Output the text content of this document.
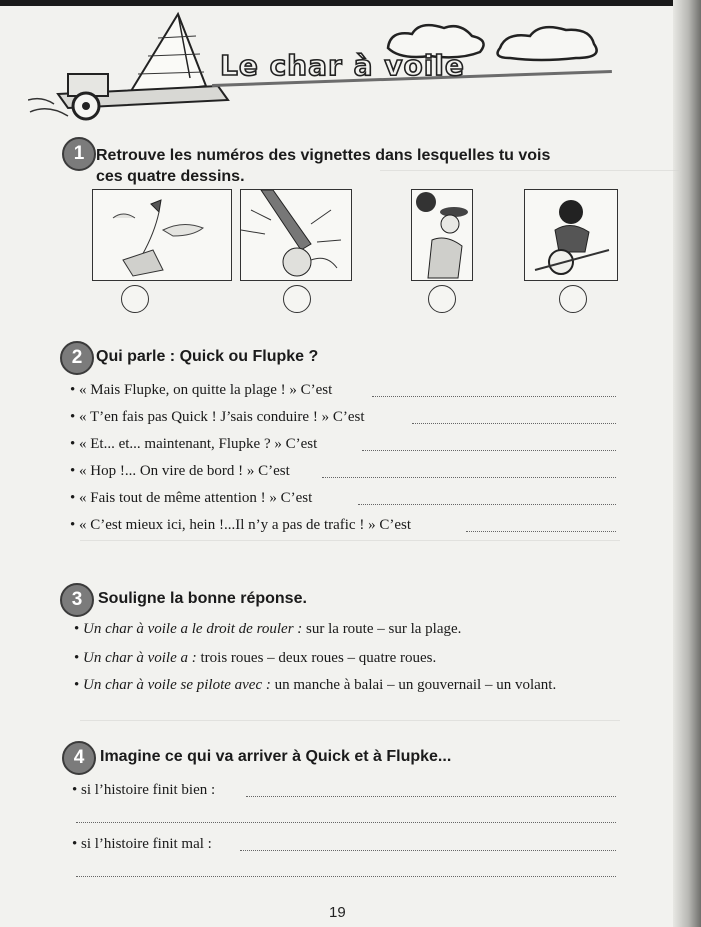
Le char à voile
1 Retrouve les numéros des vignettes dans lesquelles tu vois
ces quatre dessins.
2 Qui parle : Quick ou Flupke ?
• « Mais Flupke, on quitte la plage ! » C’est
• « T’en fais pas Quick ! J’sais conduire ! » C’est
• « Et... et... maintenant, Flupke ? » C’est
• « Hop !... On vire de bord ! » C’est
• « Fais tout de même attention ! » C’est
• « C’est mieux ici, hein !...Il n’y a pas de trafic ! » C’est
3 Souligne la bonne réponse.
• Un char à voile a le droit de rouler : sur la route – sur la plage.
• Un char à voile a : trois roues – deux roues – quatre roues.
• Un char à voile se pilote avec : un manche à balai – un gouvernail – un volant.
4 Imagine ce qui va arriver à Quick et à Flupke...
• si l’histoire finit bien :
• si l’histoire finit mal :
19
